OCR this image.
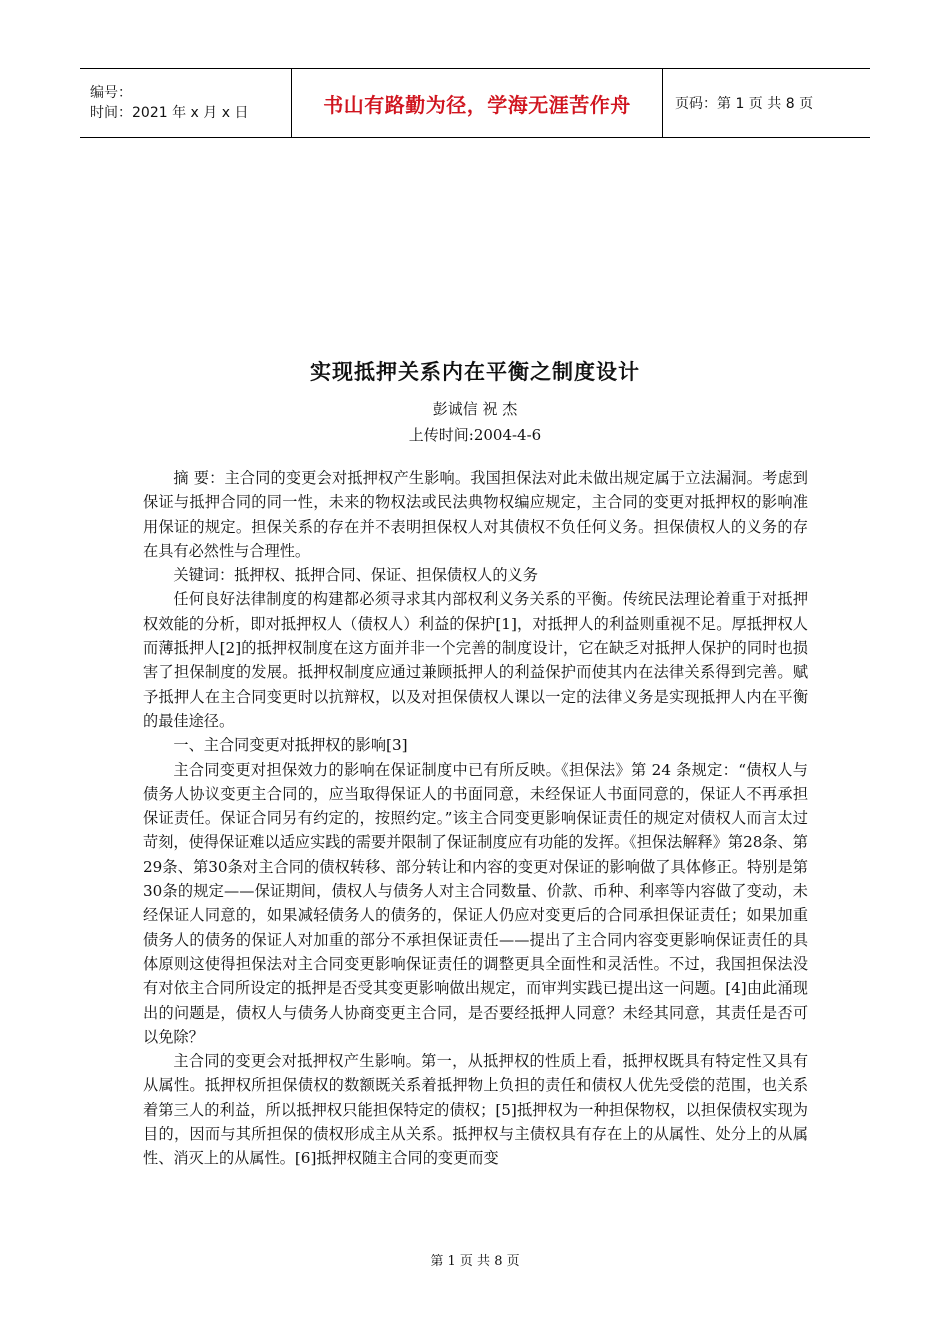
编号：
时间：2021 年 x 月 x 日	书山有路勤为径，学海无涯苦作舟	页码：第 1 页 共 8 页
实现抵押关系内在平衡之制度设计
彭诚信 祝 杰
上传时间:2004-4-6

摘 要：主合同的变更会对抵押权产生影响。我国担保法对此未做出规定属于立法漏洞。考虑到保证与抵押合同的同一性，未来的物权法或民法典物权编应规定，主合同的变更对抵押权的影响准用保证的规定。担保关系的存在并不表明担保权人对其债权不负任何义务。担保债权人的义务的存在具有必然性与合理性。

关键词：抵押权、抵押合同、保证、担保债权人的义务

任何良好法律制度的构建都必须寻求其内部权利义务关系的平衡。传统民法理论着重于对抵押权效能的分析，即对抵押权人（债权人）利益的保护[1]，对抵押人的利益则重视不足。厚抵押权人而薄抵押人[2]的抵押权制度在这方面并非一个完善的制度设计，它在缺乏对抵押人保护的同时也损害了担保制度的发展。抵押权制度应通过兼顾抵押人的利益保护而使其内在法律关系得到完善。赋予抵押人在主合同变更时以抗辩权，以及对担保债权人课以一定的法律义务是实现抵押人内在平衡的最佳途径。

一、主合同变更对抵押权的影响[3]

主合同变更对担保效力的影响在保证制度中已有所反映。《担保法》第 24 条规定：“债权人与债务人协议变更主合同的，应当取得保证人的书面同意，未经保证人书面同意的，保证人不再承担保证责任。保证合同另有约定的，按照约定。”该主合同变更影响保证责任的规定对债权人而言太过苛刻，使得保证难以适应实践的需要并限制了保证制度应有功能的发挥。《担保法解释》第28条、第29条、第30条对主合同的债权转移、部分转让和内容的变更对保证的影响做了具体修正。特别是第30条的规定——保证期间，债权人与债务人对主合同数量、价款、币种、利率等内容做了变动，未经保证人同意的，如果减轻债务人的债务的，保证人仍应对变更后的合同承担保证责任；如果加重债务人的债务的保证人对加重的部分不承担保证责任——提出了主合同内容变更影响保证责任的具体原则这使得担保法对主合同变更影响保证责任的调整更具全面性和灵活性。不过，我国担保法没有对依主合同所设定的抵押是否受其变更影响做出规定，而审判实践已提出这一问题。[4]由此涌现出的问题是，债权人与债务人协商变更主合同，是否要经抵押人同意？未经其同意，其责任是否可以免除？

主合同的变更会对抵押权产生影响。第一，从抵押权的性质上看，抵押权既具有特定性又具有从属性。抵押权所担保债权的数额既关系着抵押物上负担的责任和债权人优先受偿的范围，也关系着第三人的利益，所以抵押权只能担保特定的债权；[5]抵押权为一种担保物权，以担保债权实现为目的，因而与其所担保的债权形成主从关系。抵押权与主债权具有存在上的从属性、处分上的从属性、消灭上的从属性。[6]抵押权随主合同的变更而变

第 1 页 共 8 页
